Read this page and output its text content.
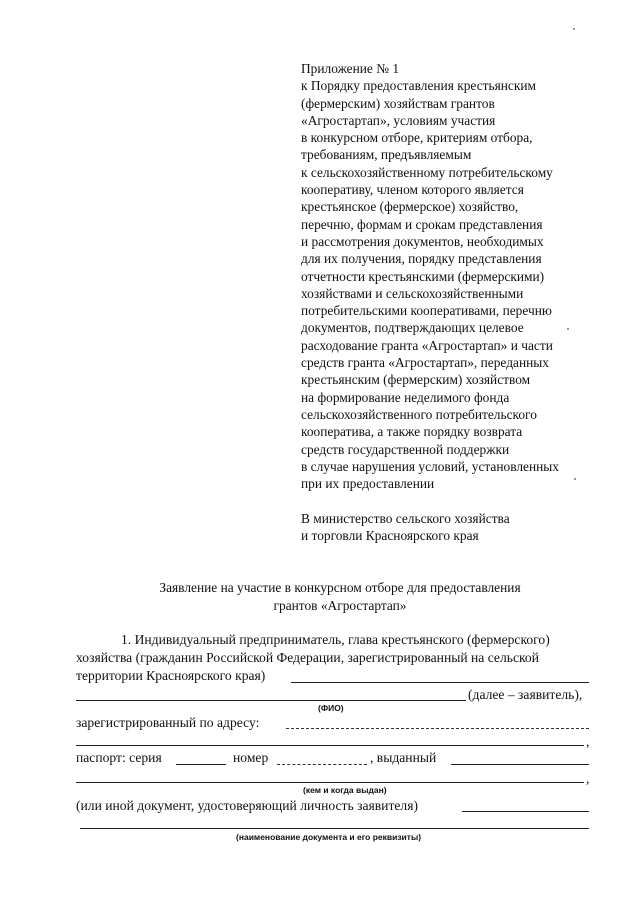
Приложение № 1
к Порядку предоставления крестьянским
(фермерским) хозяйствам грантов
«Агростартап», условиям участия
в конкурсном отборе, критериям отбора,
требованиям, предъявляемым
к сельскохозяйственному потребительскому
кооперативу, членом которого является
крестьянское (фермерское) хозяйство,
перечню, формам и срокам представления
и рассмотрения документов, необходимых
для их получения, порядку представления
отчетности крестьянскими (фермерскими)
хозяйствами и сельскохозяйственными
потребительскими кооперативами, перечню
документов, подтверждающих целевое
расходование гранта «Агростартап» и части
средств гранта «Агростартап», переданных
крестьянским (фермерским) хозяйством
на формирование неделимого фонда
сельскохозяйственного потребительского
кооператива, а также порядку возврата
средств государственной поддержки
в случае нарушения условий, установленных
при их предоставлении
В министерство сельского хозяйства
и торговли Красноярского края
Заявление на участие в конкурсном отборе для предоставления
грантов «Агростартап»
1. Индивидуальный предприниматель, глава крестьянского (фермерского)
хозяйства (гражданин Российской Федерации, зарегистрированный на сельской
территории Красноярского края)
(далее – заявитель),
(ФИО)
зарегистрированный по адресу:
,
паспорт: серия	номер	, выданный
,
(кем и когда выдан)
(или иной документ, удостоверяющий личность заявителя)
(наименование документа и его реквизиты)
